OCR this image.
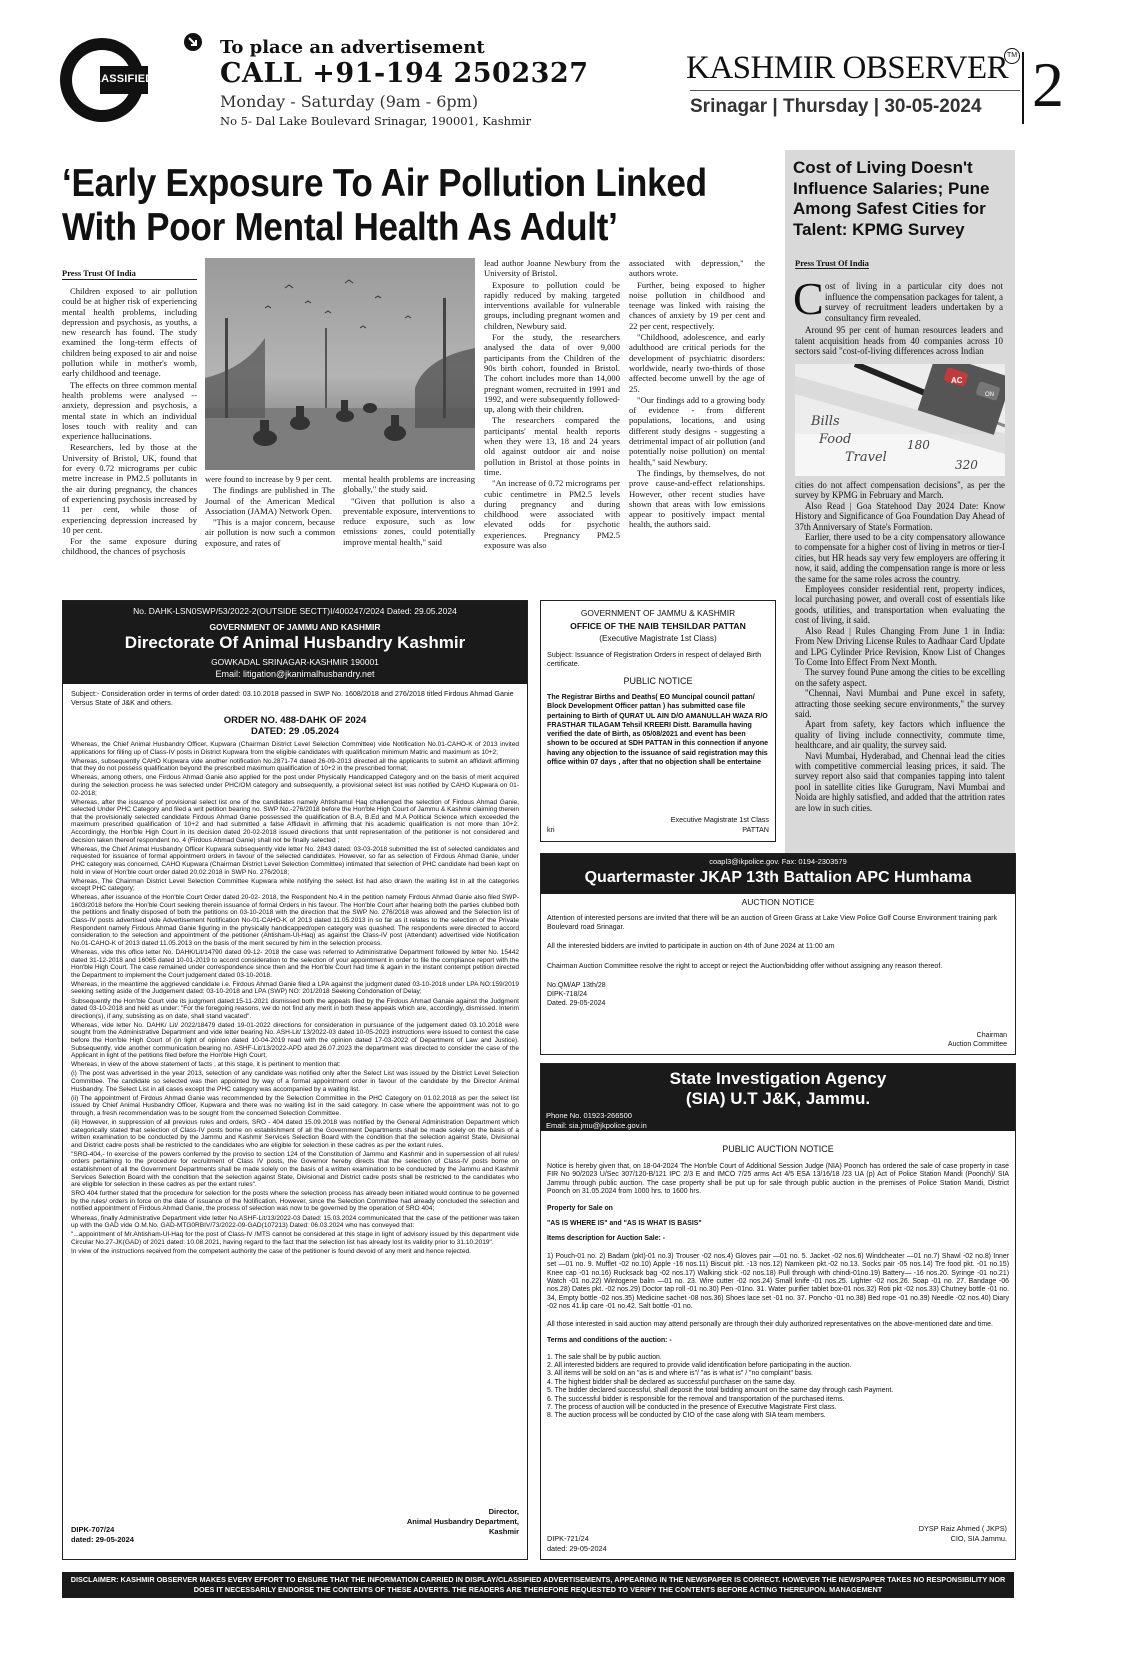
CLASSIFIED
To place an advertisement
CALL +91-194 2502327
Monday - Saturday (9am - 6pm)
No 5- Dal Lake Boulevard Srinagar, 190001, Kashmir
KASHMIR OBSERVER
TM
Srinagar | Thursday | 30-05-2024 2
‘Early Exposure To Air Pollution Linked
With Poor Mental Health As Adult’
Press Trust Of India

Children exposed to air pollution could be at higher risk of experiencing mental health problems, including depression and psychosis, as youths, a new research has found. The study examined the long-term effects of children being exposed to air and noise pollution while in mother's womb, early childhood and teenage.

The effects on three common mental health problems were analysed -- anxiety, depression and psychosis, a mental state in which an individual loses touch with reality and can experience hallucinations.

Researchers, led by those at the University of Bristol, UK, found that for every 0.72 micrograms per cubic metre increase in PM2.5 pollutants in the air during pregnancy, the chances of experiencing psychosis increased by 11 per cent, while those of experiencing depression increased by 10 per cent.

For the same exposure during childhood, the chances of psychosis

were found to increase by 9 per cent.

The findings are published in The Journal of the American Medical Association (JAMA) Network Open.

"This is a major concern, because air pollution is now such a common exposure, and rates of

mental health problems are increasing globally," the study said.

"Given that pollution is also a preventable exposure, interventions to reduce exposure, such as low emissions zones, could potentially improve mental health," said

lead author Joanne Newbury from the University of Bristol.

Exposure to pollution could be rapidly reduced by making targeted interventions available for vulnerable groups, including pregnant women and children, Newbury said.

For the study, the researchers analysed the data of over 9,000 participants from the Children of the 90s birth cohort, founded in Bristol. The cohort includes more than 14,000 pregnant women, recruited in 1991 and 1992, and were subsequently followed-up, along with their children.

The researchers compared the participants' mental health reports when they were 13, 18 and 24 years old against outdoor air and noise pollution in Bristol at those points in time.

"An increase of 0.72 micrograms per cubic centimetre in PM2.5 levels during pregnancy and during childhood were associated with elevated odds for psychotic experiences. Pregnancy PM2.5 exposure was also

associated with depression," the authors wrote.

Further, being exposed to higher noise pollution in childhood and teenage was linked with raising the chances of anxiety by 19 per cent and 22 per cent, respectively.

"Childhood, adolescence, and early adulthood are critical periods for the development of psychiatric disorders: worldwide, nearly two-thirds of those affected become unwell by the age of 25.

"Our findings add to a growing body of evidence - from different populations, locations, and using different study designs - suggesting a detrimental impact of air pollution (and potentially noise pollution) on mental health," said Newbury.

The findings, by themselves, do not prove cause-and-effect relationships. However, other recent studies have shown that areas with low emissions appear to positively impact mental health, the authors said.

Cost of Living Doesn't Influence Salaries; Pune Among Safest Cities for Talent: KPMG Survey
Press Trust Of India
C ost of living in a particular city does not influence the compensation packages for talent, a survey of recruitment leaders undertaken by a consultancy firm revealed.
Around 95 per cent of human resources leaders and talent acquisition heads from 40 companies across 10 sectors said "cost-of-living differences across Indian
Bills
Food
Travel
AC
ON
180
320
cities do not affect compensation decisions", as per the survey by KPMG in February and March.
Also Read | Goa Statehood Day 2024 Date: Know History and Significance of Goa Foundation Day Ahead of 37th Anniversary of State's Formation.
Earlier, there used to be a city compensatory allowance to compensate for a higher cost of living in metros or tier-I cities, but HR heads say very few employers are offering it now, it said, adding the compensation range is more or less the same for the same roles across the country.
Employees consider residential rent, property indices, local purchasing power, and overall cost of essentials like goods, utilities, and transportation when evaluating the cost of living, it said.
Also Read | Rules Changing From June 1 in India: From New Driving License Rules to Aadhaar Card Update and LPG Cylinder Price Revision, Know List of Changes To Come Into Effect From Next Month.
The survey found Pune among the cities to be excelling on the safety aspect.
"Chennai, Navi Mumbai and Pune excel in safety, attracting those seeking secure environments," the survey said.
Apart from safety, key factors which influence the quality of living include connectivity, commute time, healthcare, and air quality, the survey said.
Navi Mumbai, Hyderabad, and Chennai lead the cities with competitive commercial leasing prices, it said. The survey report also said that companies tapping into talent pool in satellite cities like Gurugram, Navi Mumbai and Noida are highly satisfied, and added that the attrition rates are low in such cities.
No. DAHK-LSN0SWP/53/2022-2(OUTSIDE SECTT)I/400247/2024 Dated: 29.05.2024
GOVERNMENT OF JAMMU AND KASHMIR
Directorate Of Animal Husbandry Kashmir
GOWKADAL SRINAGAR-KASHMIR 190001
Email: litigation@jkanimalhusbandry.net
Subject:- Consideration order in terms of order dated: 03.10.2018 passed in SWP No. 1608/2018 and 276/2018 titled Firdous Ahmad Ganie Versus State of J&K and others.
ORDER NO. 488-DAHK OF 2024
DATED: 29 .05.2024

Whereas, the Chief Animal Husbandry Officer, Kupwara (Chairman District Level Selection Committee) vide Notification No.01-CAHO-K of 2013 invited applications for filling up of Class-IV posts in District Kupwara from the eligible candidates with qualification minimum Matric and maximum as 10+2;

Whereas, subsequently CAHO Kupwara vide another notification No.2871-74 dated 26-09-2013 directed all the applicants to submit an affidavit affirming that they do not possess qualification beyond the prescribed maximum qualification of 10+2 in the prescribed format;

Whereas, among others, one Firdous Ahmad Ganie also applied for the post under Physically Handicapped Category and on the basis of merit acquired during the selection process he was selected under PHC/OM category and subsequently, a provisional select list was notified by CAHO Kupwara on 01-02-2018;

Whereas, after the issuance of provisional select list one of the candidates namely Ahtishamul Haq challenged the selection of Firdous Ahmad Ganie, selected Under PHC Category and filed a writ petition bearing no. SWP No.-276/2018 before the Hon'ble High Court of Jammu & Kashmir claiming therein that the provisionally selected candidate Firdous Ahmad Ganie possessed the qualification of B.A, B.Ed and M.A Political Science which exceeded the maximum prescribed qualification of 10+2 and had submitted a false Affidavit in affirming that his academic qualification is not more than 10+2. Accordingly, the Hon'ble High Court in its decision dated 20-02-2018 issued directions that until representation of the petitioner is not considered and decision taken thereof respondent no. 4 (Firdous Ahmad Ganie) shall not be finally selected ;

Whereas, the Chief Animal Husbandry Officer Kupwara subsequently vide letter No. 2843 dated: 03-03-2018 submitted the list of selected candidates and requested for issuance of formal appointment orders in favour of the selected candidates. However, so far as selection of Firdous Ahmad Ganie, under PHC category was concerned, CAHO Kupwara (Chairman District Level Selection Committee) intimated that selection of PHC candidate had been kept on hold in view of Hon'ble court order dated 20.02.2018 in SWP No. 276/2018;

Whereas, The Chairman District Level Selection Committee Kupwara while notifying the select list had also drawn the waiting list in all the categories except PHC category;

Whereas, after issuance of the Hon'ble Court Order dated 20-02- 2018, the Respondent No.4 in the petition namely Firdous Ahmad Ganie also filed SWP-1603/2018 before the Hon'ble Court seeking therein issuance of formal Orders in his favour. The Hon'ble Court after hearing both the parties clubbed both the petitions and finally disposed of both the petitions on 03-10-2018 with the direction that the SWP No. 276/2018 was allowed and the Selection list of Class-IV posts advertised vide Advertisement Notification No-01-CAHO-K of 2013 dated 11.05.2013 in so far as it relates to the selection of the Private Respondent namely Firdous Ahmad Ganie figuring in the physically handicapped/open category was quashed. The respondents were directed to accord consideration to the selection and appointment of the petitioner (Ahtisham-Ul-Haq) as against the Class-IV post (Attendant) advertised vide Notification No.01-CAHO-K of 2013 dated 11.05.2013 on the basis of the merit secured by him in the selection process.

Whereas, vide this office letter No. DAHK/Lit/14790 dated 09-12- 2018 the case was referred to Administrative Department followed by letter No. 15442 dated 31-12-2018 and 16065 dated 10-01-2019 to accord consideration to the selection of your appointment in order to file the compliance report with the Hon'ble High Court. The case remained under correspondence since then and the Hon'ble Court had time & again in the instant contempt petition directed the Department to implement the Court judgement dated 03-10-2018.

Whereas, in the meantime the aggrieved candidate i.e. Firdous Ahmad Ganie filed a LPA against the judgment dated 03-10-2018 under LPA NO:159/2019 seeking setting aside of the Judgement dated: 03-10-2018 and LPA (SWP) NO: 201/2018 Seeking Condonation of Delay;

Subsequently the Hon'ble Court vide its judgment dated:15-11-2021 dismissed both the appeals filed by the Firdous Ahmad Ganaie against the Judgment dated 03-10-2018 and held as under: "For the foregoing reasons, we do not find any merit in both these appeals which are, accordingly, dismissed. Interim direction(s), if any, subsisting as on date, shall stand vacated".

Whereas, vide letter No. DAHK/ Lit/ 2022/18479 dated 19-01-2022 directions for consideration in pursuance of the judgement dated 03.10.2018 were sought from the Administrative Department and vide letter bearing No. ASH-Lit/ 13/2022-03 dated 10-05-2023 instructions were issued to contest the case before the Hon'ble High Court of (in light of opinion dated 10-04-2019 read with the opinion dated 17-03-2022 of Department of Law and Justice). Subsequently, vide another communication bearing no. ASHF-Lit/13/2022-APD ated 26.07.2023 the department was directed to consider the case of the Applicant in light of the petitions filed before the Hon'ble High Court;

Whereas, in view of the above statement of facts , at this stage, it is pertinent to mention that:

(i) The post was advertised in the year 2013, selection of any candidate was notified only after the Select List was issued by the District Level Selection Committee. The candidate so selected was then appointed by way of a formal appointment order in favour of the candidate by the Director Animal Husbandry. The Select List in all cases except the PHC category was accompanied by a waiting list.

(ii) The appointment of Firdous Ahmad Ganie was recommended by the Selection Committee in the PHC Category on 01.02.2018 as per the select list issued by Chief Animal Husbandry Officer, Kupwara and there was no waiting list in the said category. In case where the appointment was not to go through, a fresh recommendation was to be sought from the concerned Selection Committee.

(iii) However, in suppression of all previous rules and orders, SRO - 404 dated 15.09.2018 was notified by the General Administration Department which categorically stated that selection of Class-IV posts borne on establishment of all the Government Departments shall be made solely on the basis of a written examination to be conducted by the Jammu and Kashmir Services Selection Board with the condition that the selection against State, Divisional and District cadre posts shall be restricted to the candidates who are eligible for selection in these cadres as per the extant rules.

"SRO-404,- In exercise of the powers conferred by the proviso to section 124 of the Constitution of Jammu and Kashmir and in supersession of all rules/ orders pertaining to the procedure for recruitment of Class IV posts, the Governor hereby directs that the selection of Class-IV posts borne on establishment of all the Government Departments shall be made solely on the basis of a written examination to be conducted by the Jammu and Kashmir Services Selection Board with the condition that the selection against State, Divisional and District cadre posts shall be restricted to the candidates who are eligible for selection in these cadres as per the extant rules".

SRO 404 further stated that the procedure for selection for the posts where the selection process has already been initiated would continue to be governed by the rules/ orders in force on the date of issuance of the Notification. However, since the Selection Committee had already concluded the selection and notified appointment of Firdous Ahmad Ganie, the process of selection was now to be governed by the operation of SRO 404;

Whereas, finally Administrative Department vide letter No.ASHF-Lit/13/2022-03 Dated: 15.03.2024 communicated that the case of the petitioner was taken up with the GAD vide O.M.No. GAD-MTG0RBIV/73/2022-09-GAD(107213) Dated: 06.03.2024 who has conveyed that:

"...appointment of Mr.Ahtisham-Ul-Haq for the post of Class-IV /MTS cannot be considered at this stage in light of advisory issued by this department vide Circular No.27-JK(GAD) of 2021 dated: 10.08.2021, having regard to the fact that the selection list has already lost its validity prior to 31.10.2019".

In view of the instructions received from the competent authority the case of the petitioner is found devoid of any merit and hence rejected.

Director,
Animal Husbandry Department,
Kashmir
DIPK-707/24
dated: 29-05-2024
GOVERNMENT OF JAMMU & KASHMIR
OFFICE OF THE NAIB TEHSILDAR PATTAN
(Executive Magistrate 1st Class)
Subject: Issuance of Registration Orders in respect of delayed Birth certificate.
PUBLIC NOTICE
The Registrar Births and Deaths( EO Muncipal council pattan/ Block Development Officer pattan ) has submitted case file pertaining to Birth of QURAT UL AIN D/O AMANULLAH WAZA R/O FRASTHAR TILAGAM Tehsil KREERI Distt. Baramulla having verified the date of Birth, as 05/08/2021 and event has been shown to be occured at SDH PATTAN in this connection if anyone having any objection to the issuance of said registration may this office within 07 days , after that no objection shall be entertaine
Executive Magistrate 1st Class
kri	PATTAN
coapl3@ikpolice.gov. Fax: 0194-2303579
Quartermaster JKAP 13th Battalion APC Humhama
AUCTION NOTICE
Attention of interested persons are invited that there will be an auction of Green Grass at Lake View Police Golf Course Environment training park Boulevard road Srinagar.
All the interested bidders are invited to participate in auction on 4th of June 2024 at 11:00 am
Chairman Auction Committee resolve the right to accept or reject the Auction/bidding offer without assigning any reason thereof.
No.QM/AP 13th/28
DIPK-718/24
Dated. 29-05-2024
Chairman
Auction Committee
State Investigation Agency
(SIA) U.T J&K, Jammu.
Phone No. 01923-266500
Email: sia.jmu@jkpolice.gov.in
PUBLIC AUCTION NOTICE

Notice is hereby given that, on 18-04-2024 The Hon'ble Court of Additional Session Judge (NIA) Poonch has ordered the sale of case property in case FIR No 90/2023 U/Sec 307/120-B/121 IPC 2/3 E and IMCO 7/25 arms Act 4/5 ESA 13/16/18 /23 UA (p) Act of Police Station Mandi (Poonch)/ SIA Jammu through public auction. The case property shall be put up for sale through public auction in the premises of Police Station Mandi, District Poonch on 31.05.2024 from 1000 hrs. to 1600 hrs.

Property for Sale on

"AS IS WHERE IS" and "AS IS WHAT IS BASIS"

Items description for Auction Sale: -

1) Pouch-01 no. 2) Badam (pkt)-01 no.3) Trouser -02 nos.4) Gloves pair —01 no. 5. Jacket -02 nos.6) Windcheater —01 no.7) Shawl -02 no.8) Inner set —01 no. 9. Mufflet -02 no.10) Apple -16 nos.11) Biscuit pkt. -13 nos.12) Namkeen pkt.-02 no.13. Socks pair -05 nos.14) Tre food pkt. -01 no.15) Knee cap -01 no.16) Rucksack bag -02 nos.17) Walking stick -02 nos.18) Pull through with chindi-01no.19) Battery— -16 nos.20. Syringe -01 no.21) Watch -01 no.22) Wintogene balm —01 no. 23. Wire cutter -02 nos.24) Small knife -01 nos.25. Lighter -02 nos.26. Soap -01 no. 27. Bandage -06 nos.28) Dates pkt. -02 nos.29) Doctor tap roll -01 no.30) Pen -01no. 31. Water purifier tablet box-01 nos.32) Roti pkt -02 nos.33) Chutney bottle -01 no. 34, Empty bottle -02 nos.35) Medicine sachet -08 nos.36) Shoes lace set -01 no. 37. Poncho -01 no.38) Bed rope -01 no.39) Needle -02 nos.40) Diary -02 nos 41.lip care -01 no.42. Salt bottle -01 no.

All those interested in said auction may attend personally are through their duly authorized representatives on the above-mentioned date and time.

Terms and conditions of the auction: -

1. The sale shall be by public auction.
2. All interested bidders are required to provide valid identification before participating in the auction.
3. All items will be sold on an "as is and where is"/ "as is what is" / "no complaint" basis.
4. The highest bidder shall be declared as successful purchaser on the same day.
5. The bidder declared successful, shall deposit the total bidding amount on the same day through cash Payment.
6. The successful bidder is responsible for the removal and transportation of the purchased items.
7. The process of auction will be conducted in the presence of Executive Magistrate First class.
8. The auction process will be conducted by CIO of the case along with SIA team members.
DYSP Raiz Ahmed ( JKPS)
CIO, SIA Jammu.
DIPK-721/24
dated: 29-05-2024
DISCLAIMER: KASHMIR OBSERVER MAKES EVERY EFFORT TO ENSURE THAT THE INFORMATION CARRIED IN DISPLAY/CLASSIFIED ADVERTISEMENTS, APPEARING IN THE NEWSPAPER IS CORRECT. HOWEVER THE NEWSPAPER TAKES NO RESPONSIBILITY NOR DOES IT NECESSARILY ENDORSE THE CONTENTS OF THESE ADVERTS. THE READERS ARE THEREFORE REQUESTED TO VERIFY THE CONTENTS BEFORE ACTING THEREUPON. MANAGEMENT
